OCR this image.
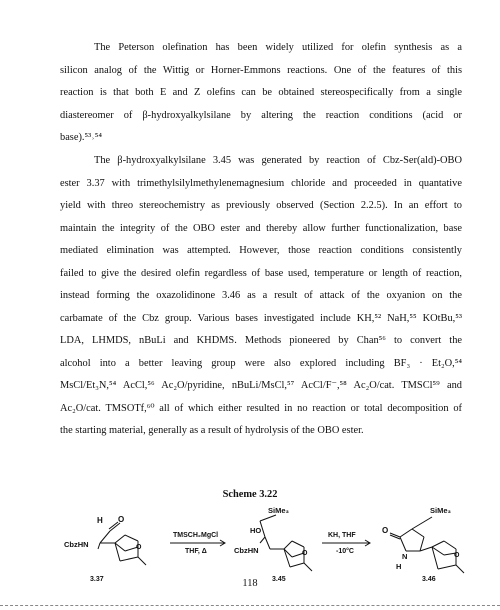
The Peterson olefination has been widely utilized for olefin synthesis as a
silicon analog of the Wittig or Horner-Emmons reactions. One of the features of this
reaction is that both E and Z olefins can be obtained stereospecifically from a single
diastereomer of β-hydroxyalkylsilane by altering the reaction conditions (acid or
base).⁵³˒⁵⁴
The β-hydroxyalkylsilane 3.45 was generated by reaction of Cbz-Ser(ald)-OBO
ester 3.37 with trimethylsilylmethylenemagnesium chloride and proceeded in quantative
yield with threo stereochemistry as previously observed (Section 2.2.5). In an effort to
maintain the integrity of the OBO ester and thereby allow further functionalization, base
mediated elimination was attempted. However, those reaction conditions consistently
failed to give the desired olefin regardless of base used, temperature or length of reaction,
instead forming the oxazolidinone 3.46 as a result of attack of the oxyanion on the
carbamate of the Cbz group. Various bases investigated include KH,⁵² NaH,⁵⁵ KOtBu,⁵³
LDA, LHMDS, nBuLi and KHDMS. Methods pioneered by Chan⁵⁶ to convert the
alcohol into a better leaving group were also explored including BF₃ · Et₂O,⁵⁴
MsCl/Et₃N,⁵⁴ AcCl,⁵⁶ Ac₂O/pyridine, nBuLi/MsCl,⁵⁷ AcCl/F⁻,⁵⁸ Ac₂O/cat. TMSCl⁵⁹ and
Ac₂O/cat. TMSOTf,⁶⁰ all of which either resulted in no reaction or total decomposition of
the starting material, generally as a result of hydrolysis of the OBO ester.
Scheme 3.22
H O
CbzHN	O
3.37
TMSCH₂MgCl
THF, Δ
SiMe₃
HO
CbzHN	O
3.45
KH, THF
-10°C
SiMe₃
O
N
H
O
3.46
118
